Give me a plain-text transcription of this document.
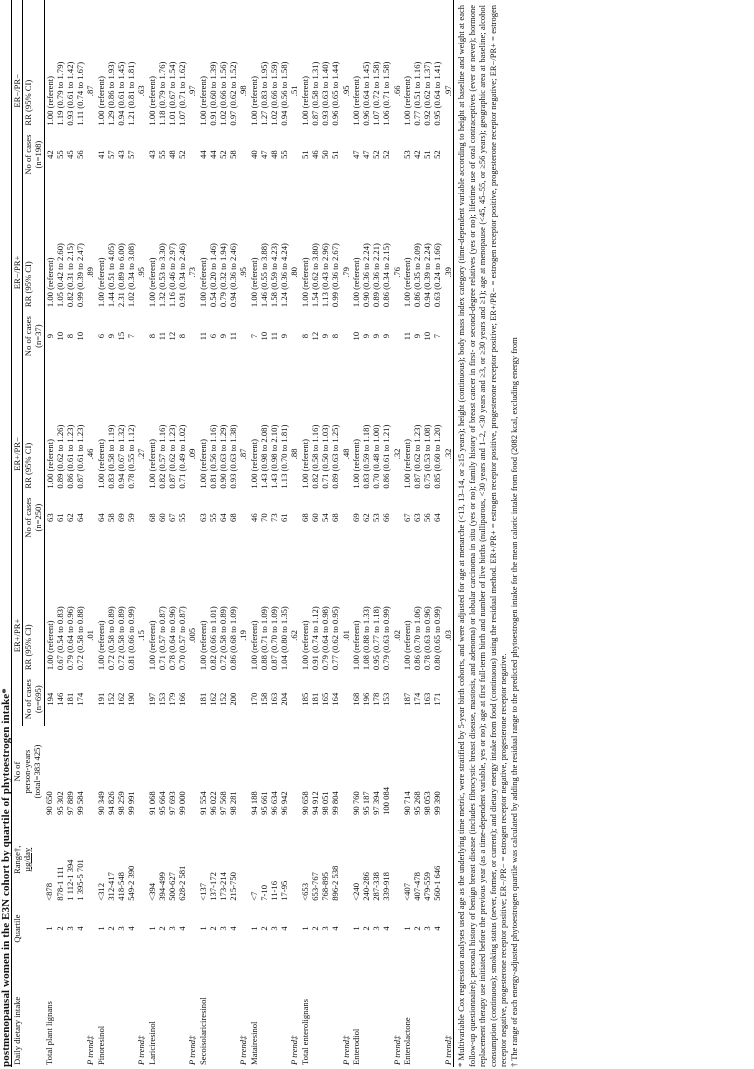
postmenopausal women in the E3N cohort by quartile of phytoestrogen intake* Daily dietary intake	Quartile	Range†,
µg/day	No of
person-years
(total=383 425)	ER+/PR+		ER+/PR−		ER−/PR+		ER−/PR−	
				No of cases	RR (95% CI)	No of cases	RR (95% CI)	No of cases	RR (95% CI)	No of cases	RR (95% CI)
				(n=695)		(n=250)		(n=37)		(n=198)	
Total plant lignans	1	<878	90 650	194	1.00 (referent)	63	1.00 (referent)	9	1.00 (referent)	42	1.00 (referent)
	2	878-1 111	95 302	146	0.67 (0.54 to 0.83)	61	0.89 (0.62 to 1.26)	10	1.05 (0.42 to 2.60)	55	1.19 (0.79 to 1.79)
	3	1 112-1 394	97 889	181	0.79 (0.64 to 0.96)	62	0.86 (0.61 to 1.23)	8	0.82 (0.31 to 2.15)	45	0.93 (0.61 to 1.42)
	4	1 395-5 701	99 584	174	0.72 (0.58 to 0.88)	64	0.87 (0.61 to 1.23)	10	0.99 (0.39 to 2.47)	56	1.11 (0.74 to 1.67)
P trend‡				.01		.46		.89		.87	
Pinoresinol	1	<312	90 349	191	1.00 (referent)	64	1.00 (referent)	6	1.00 (referent)	41	1.00 (referent)
	2	312-417	94 826	152	0.72 (0.58 to 0.89)	58	0.83 (0.58 to 1.19)	9	1.44 (0.51 to 4.05)	57	1.29 (0.86 to 1.93)
	3	418-548	98 259	162	0.72 (0.58 to 0.89)	69	0.94 (0.67 to 1.32)	15	2.31 (0.89 to 6.00)	43	0.94 (0.61 to 1.45)
	4	549-2 390	99 991	190	0.81 (0.66 to 0.99)	59	0.78 (0.55 to 1.12)	7	1.02 (0.34 to 3.08)	57	1.21 (0.81 to 1.81)
P trend‡				.15		.27		.95		.63	
Lariciresinol	1	<394	91 068	197	1.00 (referent)	68	1.00 (referent)	8	1.00 (referent)	43	1.00 (referent)
	2	394-499	95 664	153	0.71 (0.57 to 0.87)	60	0.82 (0.57 to 1.16)	11	1.32 (0.53 to 3.30)	55	1.18 (0.79 to 1.76)
	3	500-627	97 693	179	0.78 (0.64 to 0.96)	67	0.87 (0.62 to 1.23)	12	1.16 (0.46 to 2.97)	48	1.01 (0.67 to 1.54)
	4	628-2 581	99 000	166	0.70 (0.57 to 0.87)	55	0.71 (0.49 to 1.02)	8	0.91 (0.34 to 2.46)	52	1.07 (0.71 to 1.62)
P trend‡				.005		.09		.73		.97	
Secoisolariciresinol	1	<137	91 554	181	1.00 (referent)	63	1.00 (referent)	11	1.00 (referent)	44	1.00 (referent)
	2	137-172	96 022	162	0.82 (0.66 to 1.01)	55	0.81 (0.56 to 1.16)	6	0.54 (0.20 to 1.46)	44	0.91 (0.60 to 1.39)
	3	173-214	97 568	152	0.72 (0.58 to 0.89)	64	0.90 (0.63 to 1.29)	9	0.79 (0.32 to 1.94)	52	1.02 (0.66 to 1.56)
	4	215-750	98 281	200	0.86 (0.68 to 1.09)	68	0.93 (0.63 to 1.38)	11	0.94 (0.36 to 2.46)	58	0.97 (0.62 to 1.52)
P trend‡				.19		.87		.95		.98	
Matairesinol	1	<7	94 188	170	1.00 (referent)	46	1.00 (referent)	7	1.00 (referent)	40	1.00 (referent)
	2	7-10	95 661	158	0.88 (0.71 to 1.09)	70	1.43 (0.98 to 2.08)	10	1.46 (0.55 to 3.88)	47	1.27 (0.83 to 1.95)
	3	11-16	96 634	163	0.87 (0.70 to 1.09)	73	1.43 (0.98 to 2.10)	11	1.58 (0.59 to 4.23)	48	1.02 (0.66 to 1.59)
	4	17-95	96 942	204	1.04 (0.80 to 1.35)	61	1.13 (0.70 to 1.81)	9	1.24 (0.36 to 4.24)	55	0.94 (0.56 to 1.58)
P trend‡				.62		.88		.80		.51	
Total enterolignans	1	<653	90 658	185	1.00 (referent)	68	1.00 (referent)	8	1.00 (referent)	51	1.00 (referent)
	2	653-767	94 912	181	0.91 (0.74 to 1.12)	60	0.82 (0.58 to 1.16)	12	1.54 (0.62 to 3.80)	46	0.87 (0.58 to 1.31)
	3	768-895	98 051	165	0.79 (0.64 to 0.98)	54	0.71 (0.50 to 1.03)	9	1.13 (0.43 to 2.96)	50	0.93 (0.63 to 1.40)
	4	896-2 538	99 804	164	0.77 (0.62 to 0.95)	68	0.89 (0.63 to 1.25)	8	0.99 (0.36 to 2.67)	51	0.96 (0.65 to 1.44)
P trend‡				.01		.48		.79		.95	
Enterodiol	1	<240	90 760	168	1.00 (referent)	69	1.00 (referent)	10	1.00 (referent)	47	1.00 (referent)
	2	240-286	95 187	196	1.08 (0.88 to 1.33)	62	0.83 (0.59 to 1.18)	9	0.90 (0.36 to 2.24)	47	0.96 (0.64 to 1.45)
	3	287-338	97 394	178	0.95 (0.77 to 1.18)	53	0.70 (0.48 to 1.00)	9	0.89 (0.36 to 2.21)	52	1.07 (0.72 to 1.58)
	4	339-918	100 084	153	0.79 (0.63 to 0.99)	66	0.86 (0.61 to 1.21)	9	0.86 (0.34 to 2.15)	52	1.06 (0.71 to 1.58)
P trend‡				.02		.32		.76		.66	
Enterolactone	1	<407	90 714	187	1.00 (referent)	67	1.00 (referent)	11	1.00 (referent)	53	1.00 (referent)
	2	407-478	95 268	174	0.86 (0.70 to 1.06)	63	0.87 (0.62 to 1.23)	9	0.86 (0.35 to 2.09)	42	0.77 (0.51 to 1.16)
	3	479-559	98 053	163	0.78 (0.63 to 0.96)	56	0.75 (0.53 to 1.08)	10	0.94 (0.39 to 2.24)	51	0.92 (0.62 to 1.37)
	4	560-1 646	99 390	171	0.80 (0.65 to 0.99)	64	0.85 (0.60 to 1.20)	7	0.63 (0.24 to 1.66)	52	0.95 (0.64 to 1.41)
P trend‡				.03		.32		.39		.97	* Multivariable Cox regression analyses used age as the underlying time metric, were stratified by 5-year birth cohorts, and were adjusted for age at menarche (<13, 13–14, or ≥15 years); height (continuous); body mass index category (time-dependent variable according to height at baseline and weight at each follow-up questionnaire); personal history of benign breast disease (includes fibrocystic breast disease, mastosis, and adenoma) or lobular carcinoma in situ (yes or no); family history of breast cancer in first- or second-degree relatives (yes or no); lifetime use of oral contraceptives (ever or never); hormone replacement therapy use initiated before the previous year (as a time-dependent variable, yes or no); age at first full-term birth and number of live births (nulliparous, <30 years and 1–2, <30 years and ≥3, or ≥30 years and ≥1); age at menopause (<45, 45–55, or ≥56 years); geographic area at baseline; alcohol consumption (continuous); smoking status (never, former, or current); and dietary energy intake from food (continuous) using the residual method. ER+/PR+ = estrogen receptor positive, progesterone receptor positive; ER+/PR− = estrogen receptor positive, progesterone receptor negative; ER−/PR+ = estrogen receptor negative, progesterone receptor positive; ER−/PR− = estrogen receptor negative, progesterone receptor negative. † The range of each energy-adjusted phytoestrogen quartile was calculated by adding the residual range to the predicted phytoestrogen intake for the mean caloric intake from food (2082 kcal, excluding energy from
